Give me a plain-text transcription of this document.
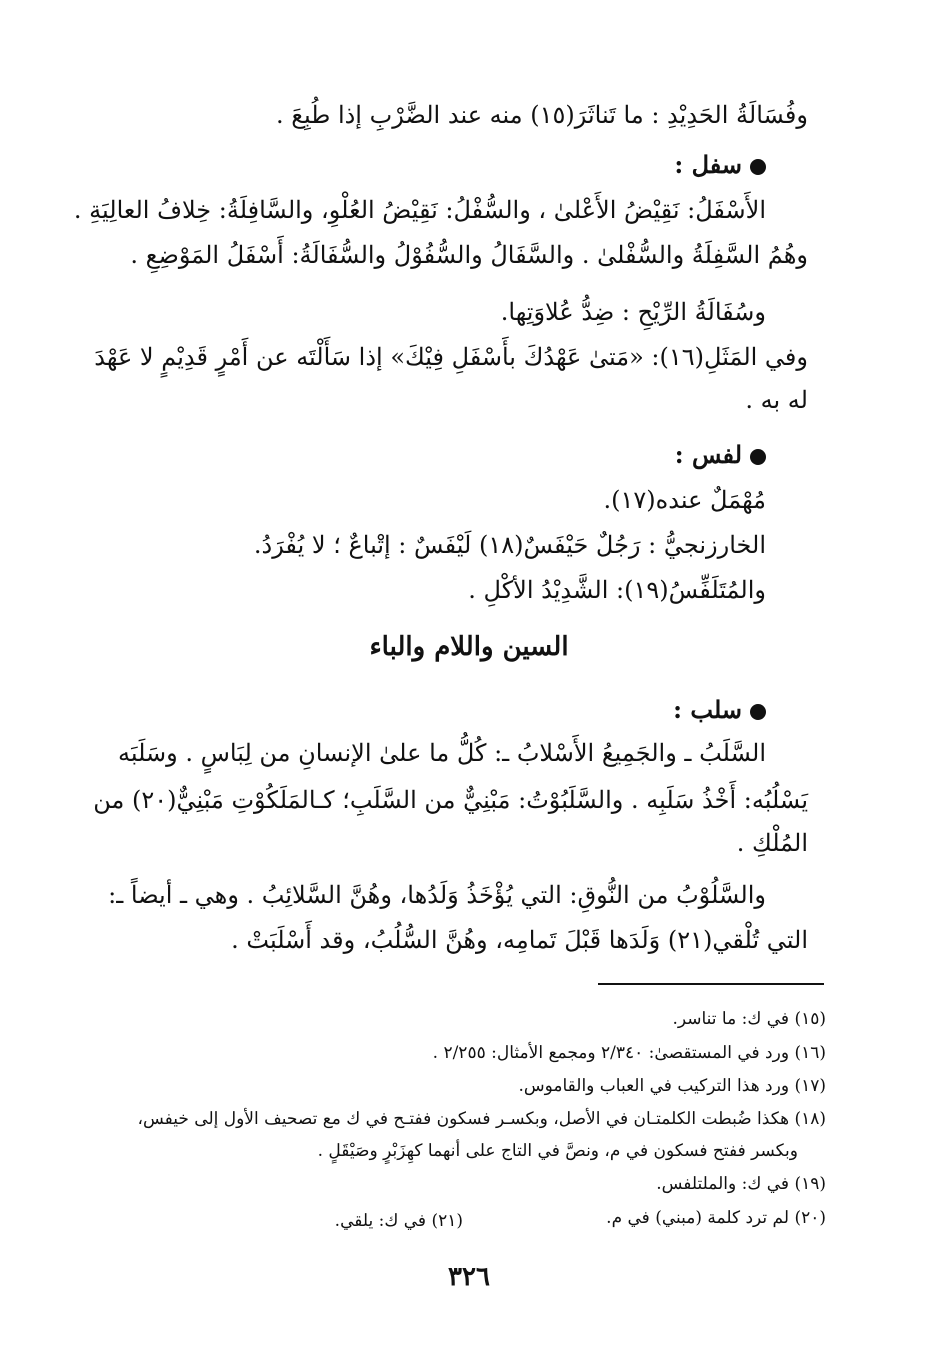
وفُسَالَةُ الحَدِيْدِ : ما تَناثَرَ(١٥) منه عند الضَّرْبِ إذا طُبِعَ .
سفل :
الأَسْفَلُ: نَقِيْضُ الأَعْلىٰ ، والسُّفْلُ: نَقِيْضُ العُلْوِ، والسَّافِلَةُ: خِلافُ العالِيَةِ .
وهُمُ السَّفِلَةُ والسُّفْلىٰ . والسَّفَالُ والسُّفُوْلُ والسُّفَالَةُ: أَسْفَلُ المَوْضِعِ .
وسُفَالَةُ الرِّيْحِ : ضِدُّ عُلاوَتِها.
وفي المَثَلِ(١٦): «مَتىٰ عَهْدُكَ بأَسْفَلِ فِيْكَ» إذا سَأَلْتَه عن أَمْرٍ قَدِيْمٍ لا عَهْدَ
له به .
لفس :
مُهْمَلٌ عنده(١٧).
الخارزنجيُّ : رَجُلٌ حَيْفَسٌ(١٨) لَيْفَسٌ : إتْباعٌ ؛ لا يُفْرَدُ.
والمُتَلَفِّسُ(١٩): الشَّدِيْدُ الأكْلِ .
السين واللام والباء
سلب :
السَّلَبُ ـ والجَمِيعُ الأَسْلابُ ـ: كُلُّ ما علىٰ الإنسانِ من لِبَاسٍ . وسَلَبَه
يَسْلُبُه: أَخْذُ سَلَبِه . والسَّلَبُوْتُ: مَبْنِيٌّ من السَّلَبِ؛ كـالمَلَكُوْتِ مَبْنِيٌّ(٢٠) من
المُلْكِ .
والسَّلُوْبُ من النُّوقِ: التي يُؤْخَذُ وَلَدُها، وهُنَّ السَّلائِبُ . وهي ـ أيضاً ـ:
التي تُلْقي(٢١) وَلَدَها قَبْلَ تَمامِه، وهُنَّ السُّلُبُ، وقد أَسْلَبَتْ .
(١٥) في ك: ما تناسر.
(١٦) ورد في المستقصىٰ: ٢/٣٤٠ ومجمع الأمثال: ٢/٢٥٥ .
(١٧) ورد هذا التركيب في العباب والقاموس.
(١٨) هكذا ضُبطت الكلمتـان في الأصل، وبكسـر فسكون ففتـح في ك مع تصحيف الأول إلى خيفس،
وبكسر ففتح فسكون في م، ونصَّ في التاج على أنهما كهِزَبْرٍ وصَيْقَلٍ .
(١٩) في ك: والملتلفس.
(٢٠) لم ترد كلمة (مبني) في م.
(٢١) في ك: يلقي.
٣٢٦
